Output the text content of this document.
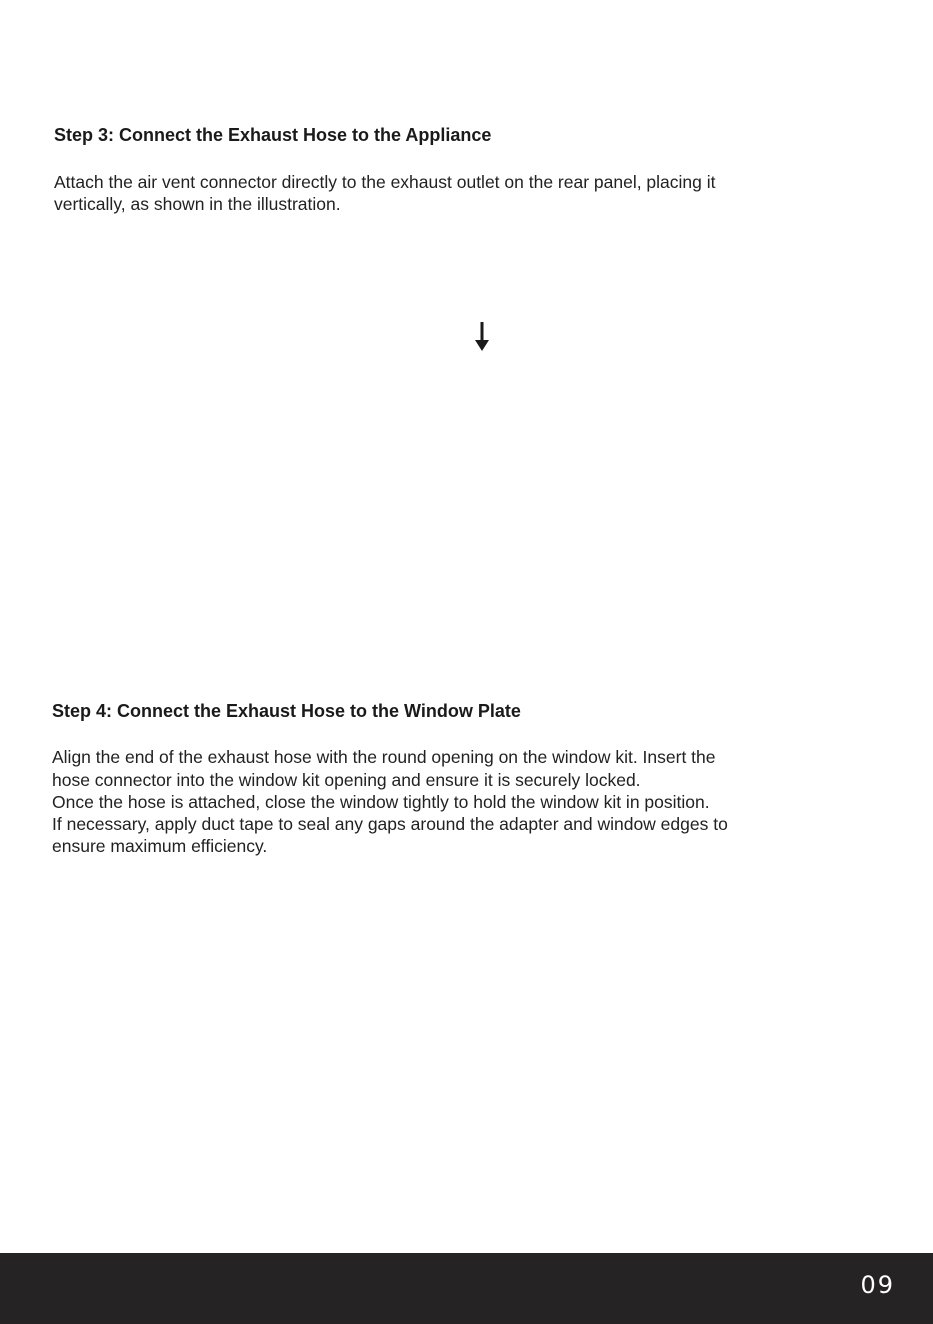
Step 3: Connect the Exhaust Hose to the Appliance

Attach the air vent connector directly to the exhaust outlet on the rear panel, placing it
vertically, as shown in the illustration.

Step 4: Connect the Exhaust Hose to the Window Plate

Align the end of the exhaust hose with the round opening on the window kit. Insert the
hose connector into the window kit opening and ensure it is securely locked.
Once the hose is attached, close the window tightly to hold the window kit in position.
If necessary, apply duct tape to seal any gaps around the adapter and window edges to
ensure maximum efficiency.

09
